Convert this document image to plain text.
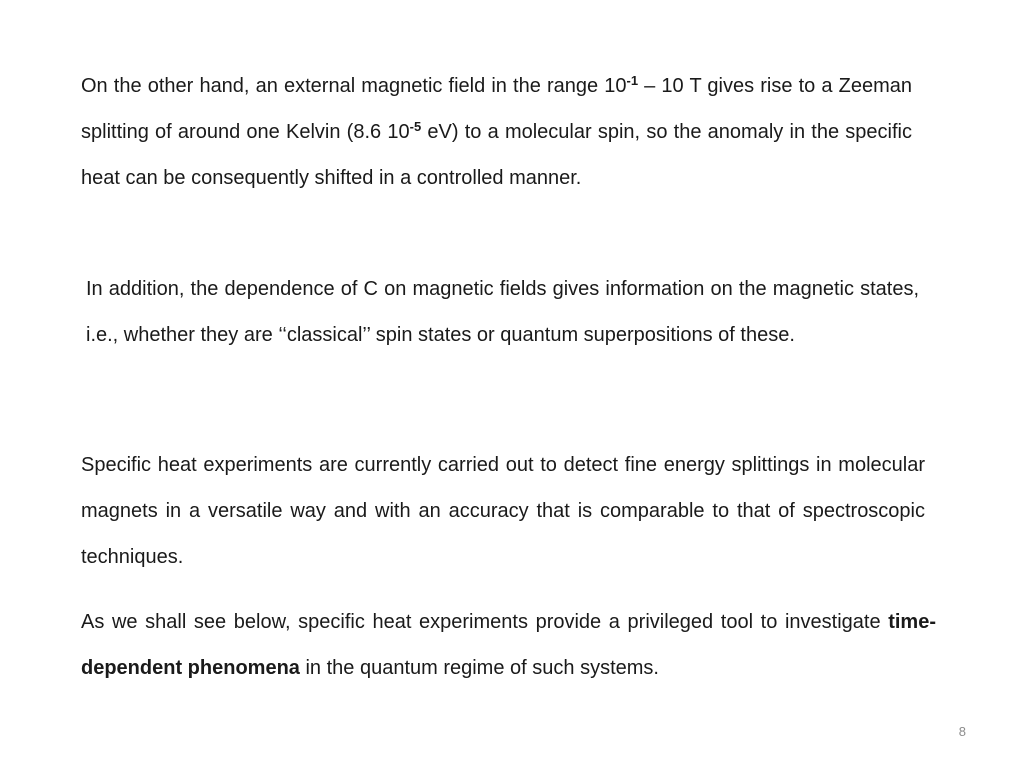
On the other hand, an external magnetic field in the range $10^{-1} - 10$ T gives rise to a Zeeman splitting of around one Kelvin (8.6 $10^{-5}$ eV) to a molecular spin, so the anomaly in the specific heat can be consequently shifted in a controlled manner.

In addition, the dependence of C on magnetic fields gives information on the magnetic states, i.e., whether they are ‘‘classical’’ spin states or quantum superpositions of these.

Specific heat experiments are currently carried out to detect fine energy splittings in molecular magnets in a versatile way and with an accuracy that is comparable to that of spectroscopic techniques.

As we shall see below, specific heat experiments provide a privileged tool to investigate time-dependent phenomena in the quantum regime of such systems.

8
